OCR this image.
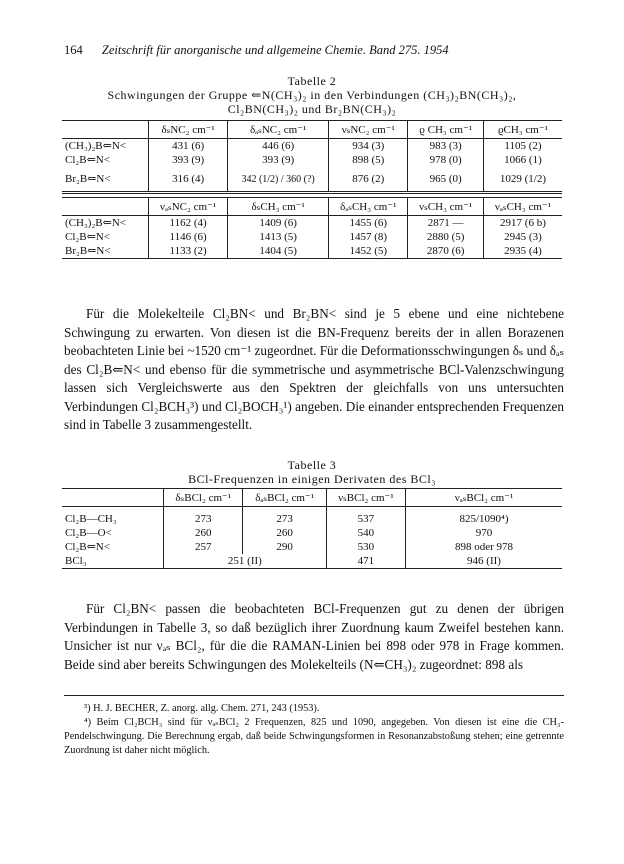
164 Zeitschrift für anorganische und allgemeine Chemie. Band 275. 1954
Tabelle 2
Schwingungen der Gruppe ⇐N(CH₃)₂ in den Verbindungen (CH₃)₂BN(CH₃)₂,
Cl₂BN(CH₃)₂ und Br₂BN(CH₃)₂
	δₛNC₂ cm⁻¹	δₐₛNC₂ cm⁻¹	νₛNC₂ cm⁻¹	ϱ CH₃ cm⁻¹	ϱCH₃ cm⁻¹
(CH₃)₂B⇐N<	431 (6)	446 (6)	934 (3)	983 (3)	1105 (2)
Cl₂B⇐N<	393 (9)	393 (9)	898 (5)	978 (0)	1066 (1)
Br₂B⇐N<	316 (4)	342 (1/2) / 360 (?)	876 (2)	965 (0)	1029 (1/2)

	νₐₛNC₂ cm⁻¹	δₛCH₃ cm⁻¹	δₐₛCH₃ cm⁻¹	νₛCH₃ cm⁻¹	νₐₛCH₃ cm⁻¹
(CH₃)₂B⇐N<	1162 (4)	1409 (6)	1455 (6)	2871 —	2917 (6 b)
Cl₂B⇐N<	1146 (6)	1413 (5)	1457 (8)	2880 (5)	2945 (3)
Br₂B⇐N<	1133 (2)	1404 (5)	1452 (5)	2870 (6)	2935 (4)

Für die Molekelteile Cl₂BN< und Br₂BN< sind je 5 ebene und eine nichtebene Schwingung zu erwarten. Von diesen ist die BN-Frequenz bereits der in allen Borazenen beobachteten Linie bei ~1520 cm⁻¹ zugeordnet. Für die Deformationsschwingungen δₛ und δₐₛ des Cl₂B⇐N< und ebenso für die symmetrische und asymmetrische BCl-Valenzschwingung lassen sich Vergleichswerte aus den Spektren der gleichfalls von uns untersuchten Verbindungen Cl₂BCH₃³) und Cl₂BOCH₃¹) angeben. Die einander entsprechenden Frequenzen sind in Tabelle 3 zusammengestellt.

Tabelle 3
BCl-Frequenzen in einigen Derivaten des BCl₃
	δₛBCl₂ cm⁻¹	δₐₛBCl₂ cm⁻¹	νₛBCl₂ cm⁻¹	νₐₛBCl₂ cm⁻¹
Cl₂B—CH₃	273	273	537	825/1090⁴)
Cl₂B—O<	260	260	540	970
Cl₂B⇐N<	257	290	530	898 oder 978
BCl₃	251 (II)		471	946 (II)

Für Cl₂BN< passen die beobachteten BCl-Frequenzen gut zu denen der übrigen Verbindungen in Tabelle 3, so daß bezüglich ihrer Zuordnung kaum Zweifel bestehen kann. Unsicher ist nur νₐₛ BCl₂, für die die RAMAN-Linien bei 898 oder 978 in Frage kommen. Beide sind aber bereits Schwingungen des Molekelteils (N⇐CH₃)₂ zugeordnet: 898 als

³) H. J. BECHER, Z. anorg. allg. Chem. 271, 243 (1953).

⁴) Beim Cl₂BCH₃ sind für νₐₛBCl₂ 2 Frequenzen, 825 und 1090, angegeben. Von diesen ist eine die CH₃-Pendelschwingung. Die Berechnung ergab, daß beide Schwingungsformen in Resonanzabstoßung stehen; eine getrennte Zuordnung ist daher nicht möglich.
